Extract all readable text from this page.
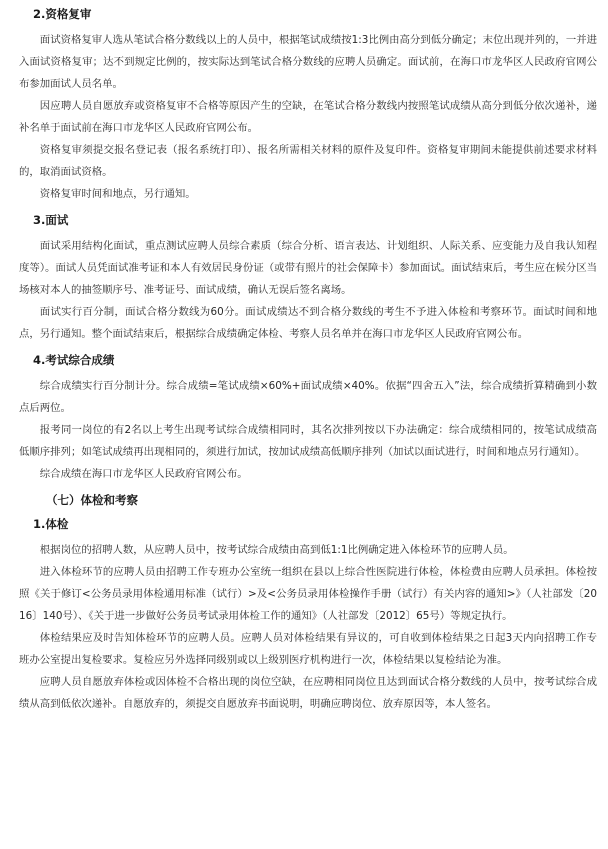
2.资格复审

面试资格复审人选从笔试合格分数线以上的人员中，根据笔试成绩按1:3比例由高分到低分确定；末位出现并列的，一并进入面试资格复审；达不到规定比例的，按实际达到笔试合格分数线的应聘人员确定。面试前，在海口市龙华区人民政府官网公布参加面试人员名单。

因应聘人员自愿放弃或资格复审不合格等原因产生的空缺，在笔试合格分数线内按照笔试成绩从高分到低分依次递补，递补名单于面试前在海口市龙华区人民政府官网公布。

资格复审须提交报名登记表（报名系统打印）、报名所需相关材料的原件及复印件。资格复审期间未能提供前述要求材料的，取消面试资格。

资格复审时间和地点，另行通知。

3.面试

面试采用结构化面试，重点测试应聘人员综合素质（综合分析、语言表达、计划组织、人际关系、应变能力及自我认知程度等）。面试人员凭面试准考证和本人有效居民身份证（或带有照片的社会保障卡）参加面试。面试结束后，考生应在候分区当场核对本人的抽签顺序号、准考证号、面试成绩，确认无误后签名离场。

面试实行百分制，面试合格分数线为60分。面试成绩达不到合格分数线的考生不予进入体检和考察环节。面试时间和地点，另行通知。整个面试结束后，根据综合成绩确定体检、考察人员名单并在海口市龙华区人民政府官网公布。

4.考试综合成绩

综合成绩实行百分制计分。综合成绩=笔试成绩×60%+面试成绩×40%。依据“四舍五入”法，综合成绩折算精确到小数点后两位。

报考同一岗位的有2名以上考生出现考试综合成绩相同时，其名次排列按以下办法确定：综合成绩相同的，按笔试成绩高低顺序排列；如笔试成绩再出现相同的，须进行加试，按加试成绩高低顺序排列（加试以面试进行，时间和地点另行通知）。

综合成绩在海口市龙华区人民政府官网公布。

（七）体检和考察
1.体检

根据岗位的招聘人数，从应聘人员中，按考试综合成绩由高到低1:1比例确定进入体检环节的应聘人员。

进入体检环节的应聘人员由招聘工作专班办公室统一组织在县以上综合性医院进行体检，体检费由应聘人员承担。体检按照《关于修订<公务员录用体检通用标准（试行）>及<公务员录用体检操作手册（试行）有关内容的通知>》（人社部发〔2016〕140号）、《关于进一步做好公务员考试录用体检工作的通知》（人社部发〔2012〕65号）等规定执行。

体检结果应及时告知体检环节的应聘人员。应聘人员对体检结果有异议的，可自收到体检结果之日起3天内向招聘工作专班办公室提出复检要求。复检应另外选择同级别或以上级别医疗机构进行一次，体检结果以复检结论为准。

应聘人员自愿放弃体检或因体检不合格出现的岗位空缺，在应聘相同岗位且达到面试合格分数线的人员中，按考试综合成绩从高到低依次递补。自愿放弃的，须提交自愿放弃书面说明，明确应聘岗位、放弃原因等，本人签名。
